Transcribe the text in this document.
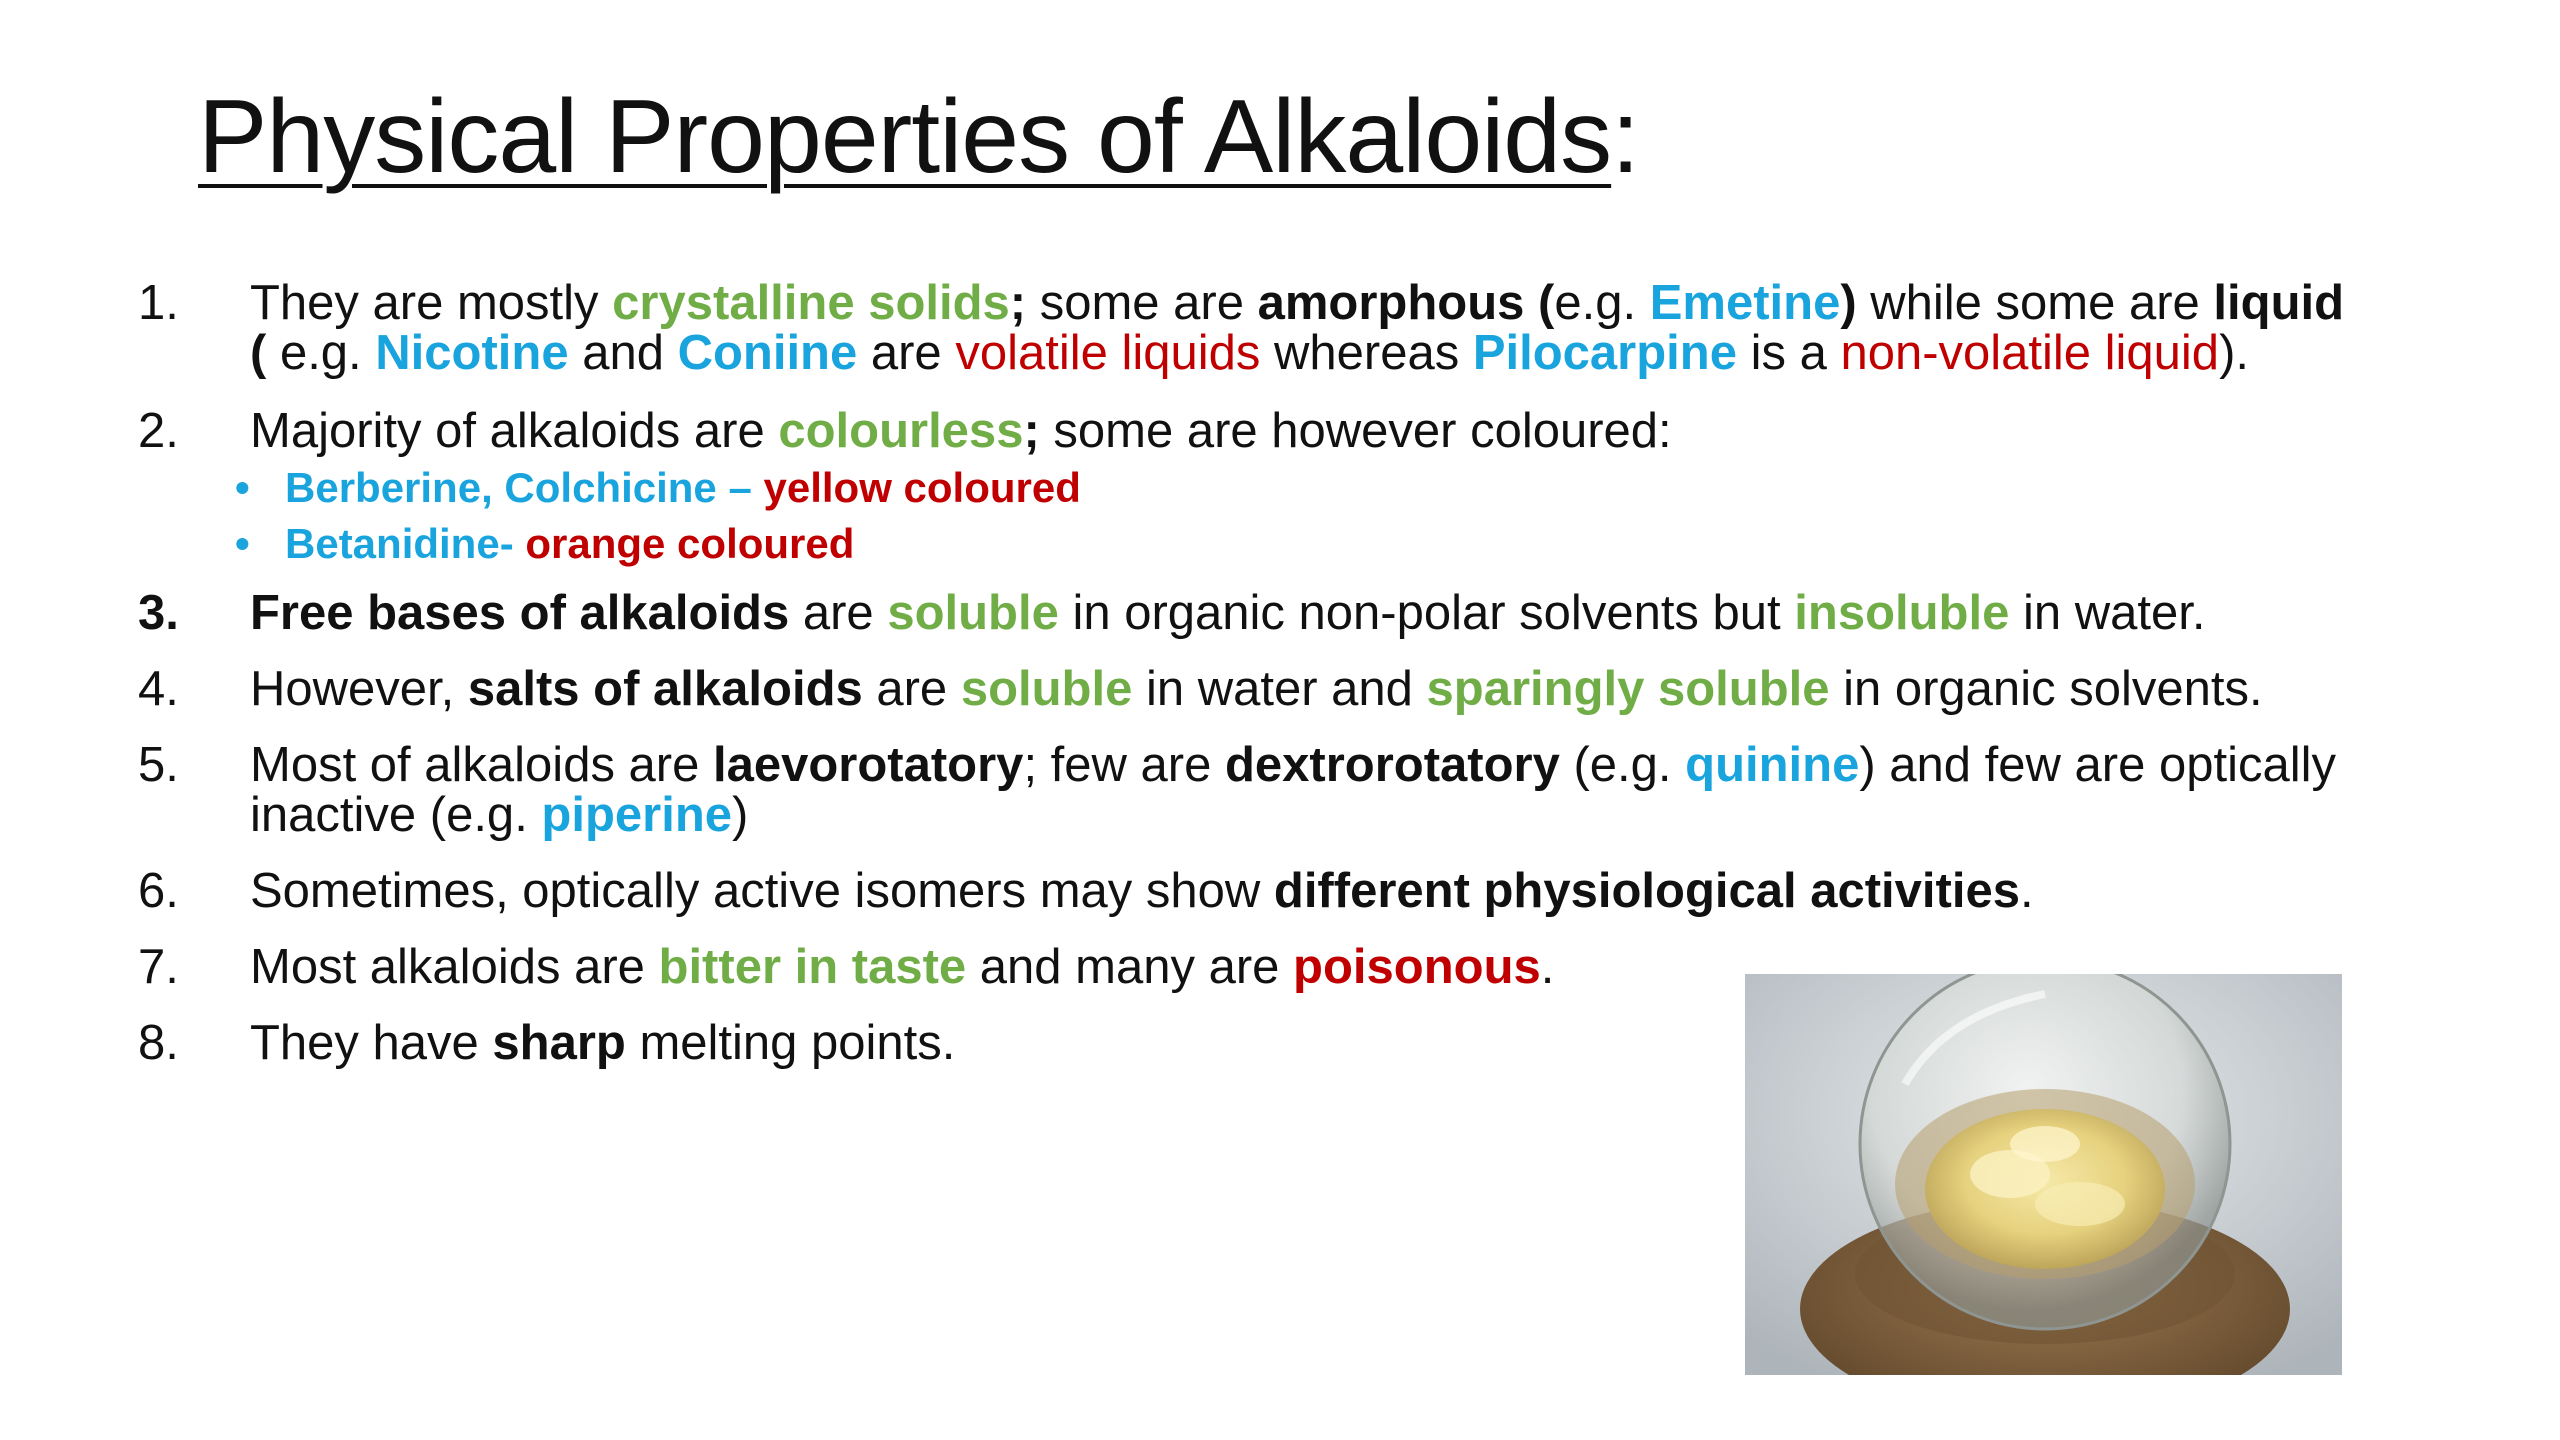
Physical Properties of Alkaloids:
1. They are mostly crystalline solids; some are amorphous (e.g. Emetine) while some are liquid
( e.g. Nicotine and Coniine are volatile liquids whereas Pilocarpine is a non-volatile liquid).
2. Majority of alkaloids are colourless; some are however coloured:
• Berberine, Colchicine – yellow coloured
• Betanidine- orange coloured
3. Free bases of alkaloids are soluble in organic non-polar solvents but insoluble in water.
4. However, salts of alkaloids are soluble in water and sparingly soluble in organic solvents.
5. Most of alkaloids are laevorotatory; few are dextrorotatory (e.g. quinine) and few are optically inactive (e.g. piperine)
6. Sometimes, optically active isomers may show different physiological activities.
7. Most alkaloids are bitter in taste and many are poisonous.
8. They have sharp melting points.
